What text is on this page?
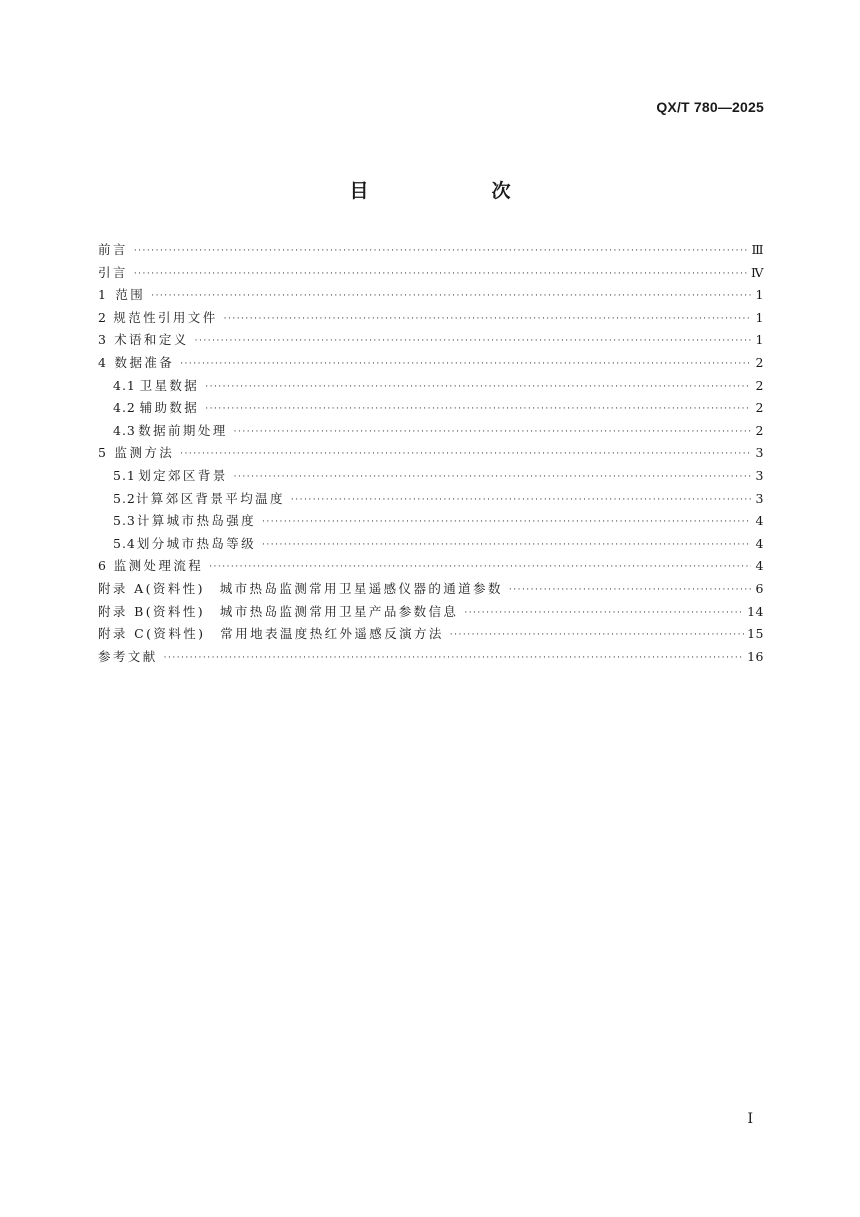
QX/T 780—2025
目　次
前言 ·····	Ⅲ
引言 ·····	Ⅳ
1 范围 ·····	1
2 规范性引用文件 ·····	1
3 术语和定义 ·····	1
4 数据准备 ·····	2
4.1 卫星数据 ·····	2
4.2 辅助数据 ·····	2
4.3 数据前期处理 ·····	2
5 监测方法 ·····	3
5.1 划定郊区背景 ·····	3
5.2 计算郊区背景平均温度 ·····	3
5.3 计算城市热岛强度 ·····	4
5.4 划分城市热岛等级 ·····	4
6 监测处理流程 ·····	4
附录 A(资料性)　城市热岛监测常用卫星遥感仪器的通道参数 ·····	6
附录 B(资料性)　城市热岛监测常用卫星产品参数信息 ·····	14
附录 C(资料性)　常用地表温度热红外遥感反演方法 ·····	15
参考文献 ·····	16
Ⅰ
